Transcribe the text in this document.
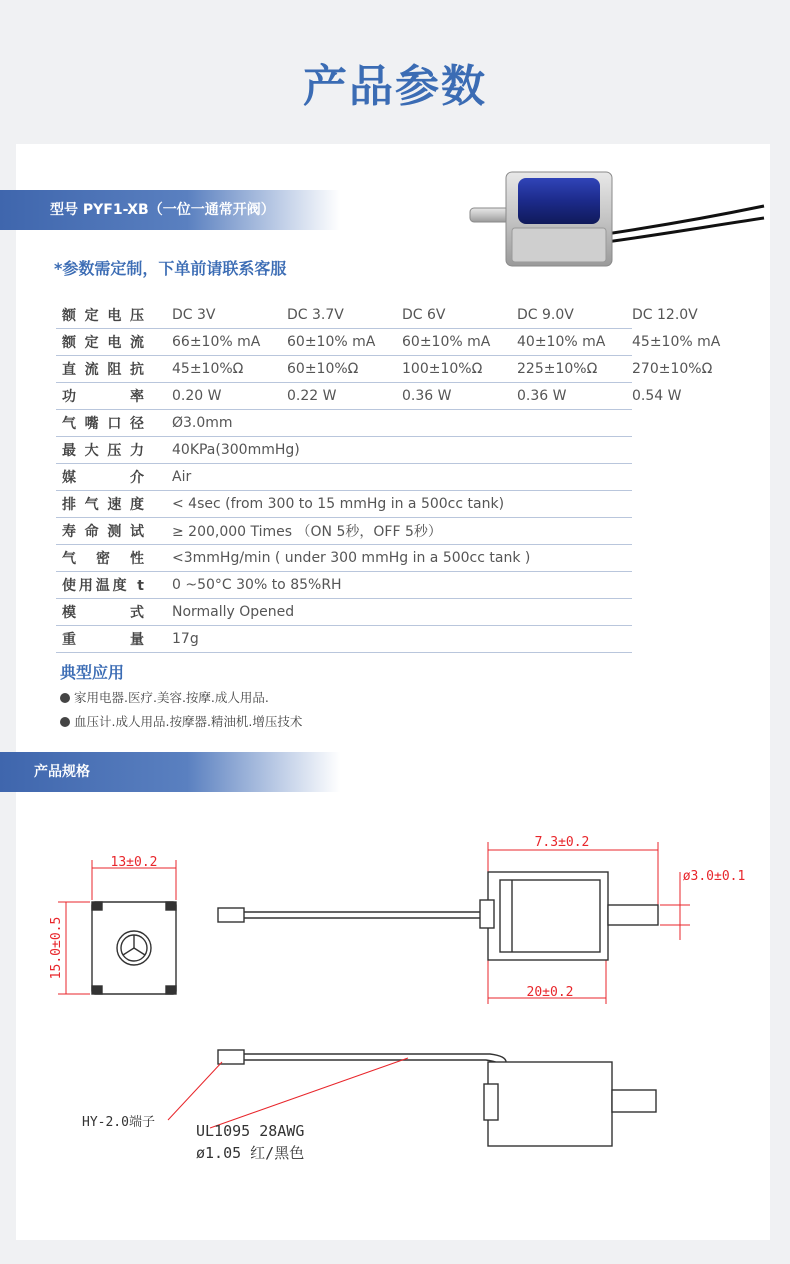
产品参数
型号 PYF1-XB（一位一通常开阀）
*参数需定制，下单前请联系客服
额定电压	DC 3V	DC 3.7V	DC 6V	DC 9.0V	DC 12.0V
额定电流	66±10% mA	60±10% mA	60±10% mA	40±10% mA	45±10% mA
直流阻抗	45±10%Ω	60±10%Ω	100±10%Ω	225±10%Ω	270±10%Ω
功率	0.20 W	0.22 W	0.36 W	0.36 W	0.54 W
气嘴口径	Ø3.0mm				
最大压力	40KPa(300mmHg)				
媒介	Air				
排气速度	< 4sec (from 300 to 15 mmHg in a 500cc tank)				
寿命测试	≥ 200,000 Times （ON 5秒，OFF 5秒）				
气密性	<3mmHg/min ( under 300 mmHg in a 500cc tank )				
使用温度 t	0 ~50°C 30% to 85%RH				
模式	Normally Opened				
重量	17g				
典型应用
家用电器.医疗.美容.按摩.成人用品.
血压计.成人用品.按摩器.精油机.增压技术
产品规格
13±0.2
15.0±0.5
7.3±0.2
ø3.0±0.1
20±0.2
HY-2.0端子	UL1095 28AWG
ø1.05 红/黑色
